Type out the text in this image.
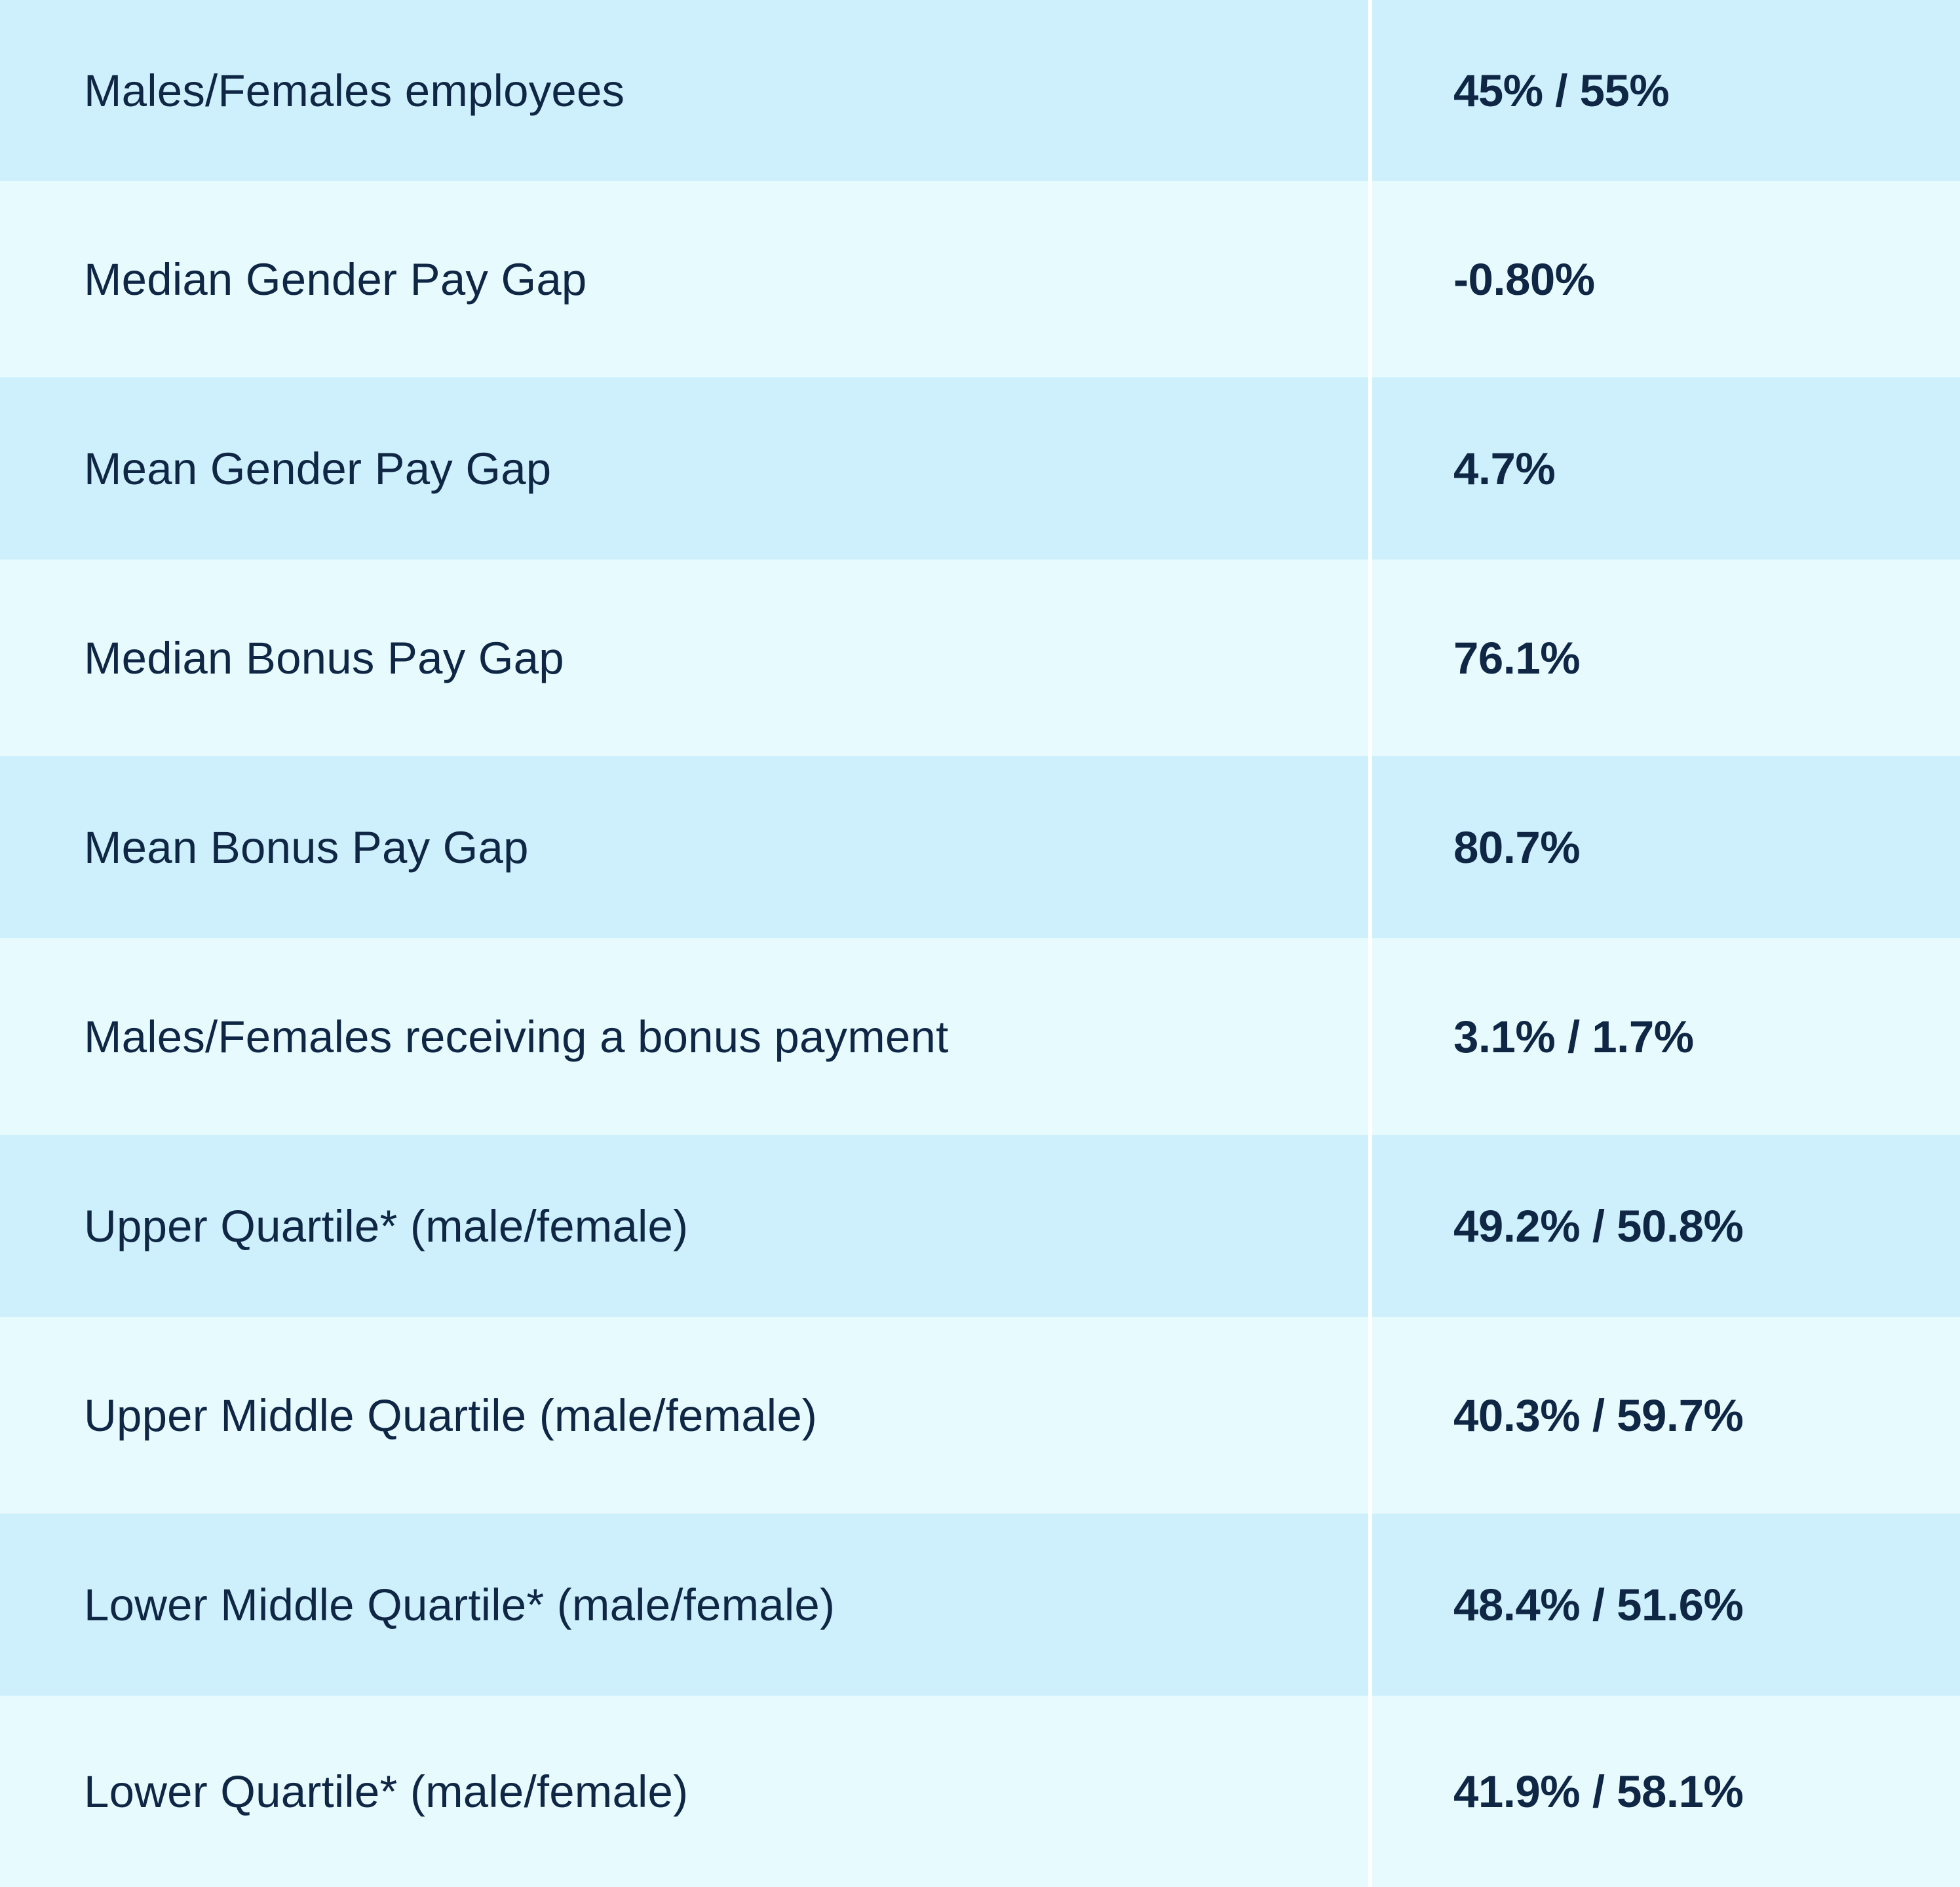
Males/Females employees	45% / 55%
Median Gender Pay Gap	-0.80%
Mean Gender Pay Gap	4.7%
Median Bonus Pay Gap	76.1%
Mean Bonus Pay Gap	80.7%
Males/Females receiving a bonus payment	3.1% / 1.7%
Upper Quartile* (male/female)	49.2% / 50.8%
Upper Middle Quartile (male/female)	40.3% / 59.7%
Lower Middle Quartile* (male/female)	48.4% / 51.6%
Lower Quartile* (male/female)	41.9% / 58.1%
